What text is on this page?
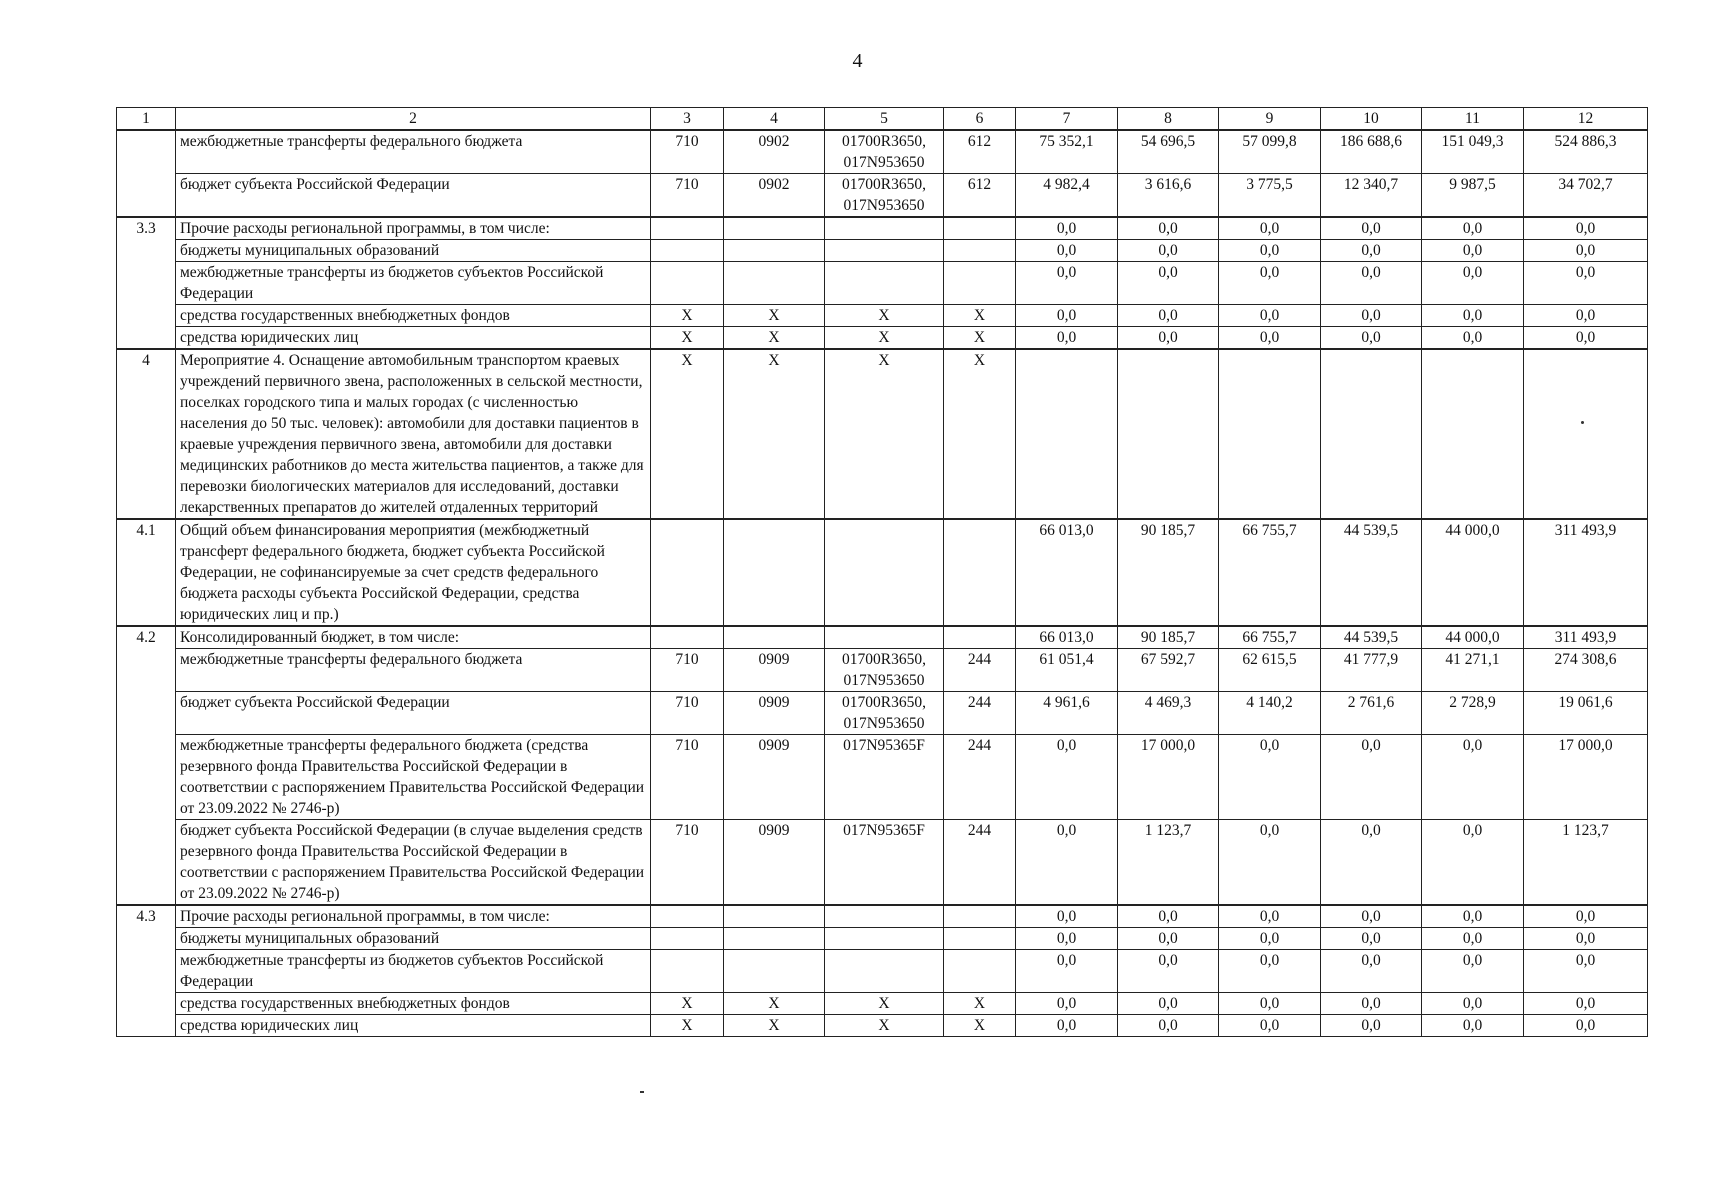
4
1	2	3	4	5	6	7	8	9	10	11	12
	межбюджетные трансферты федерального бюджета	710	0902	01700R3650, 017N953650	612	75 352,1	54 696,5	57 099,8	186 688,6	151 049,3	524 886,3
	бюджет субъекта Российской Федерации	710	0902	01700R3650, 017N953650	612	4 982,4	3 616,6	3 775,5	12 340,7	9 987,5	34 702,7
3.3	Прочие расходы региональной программы, в том числе:					0,0	0,0	0,0	0,0	0,0	0,0
	бюджеты муниципальных образований					0,0	0,0	0,0	0,0	0,0	0,0
	межбюджетные трансферты из бюджетов субъектов Российской Федерации					0,0	0,0	0,0	0,0	0,0	0,0
	средства государственных внебюджетных фондов	X	X	X	X	0,0	0,0	0,0	0,0	0,0	0,0
	средства юридических лиц	X	X	X	X	0,0	0,0	0,0	0,0	0,0	0,0
4	Мероприятие 4. Оснащение автомобильным транспортом краевых учреждений первичного звена, расположенных в сельской местности, поселках городского типа и малых городах (с численностью населения до 50 тыс. человек): автомобили для доставки пациентов в краевые учреждения первичного звена, автомобили для доставки медицинских работников до места жительства пациентов, а также для перевозки биологических материалов для исследований, доставки лекарственных препаратов до жителей отдаленных территорий	X	X	X	X						
4.1	Общий объем финансирования мероприятия (межбюджетный трансферт федерального бюджета, бюджет субъекта Российской Федерации, не софинансируемые за счет средств федерального бюджета расходы субъекта Российской Федерации, средства юридических лиц и пр.)					66 013,0	90 185,7	66 755,7	44 539,5	44 000,0	311 493,9
4.2	Консолидированный бюджет, в том числе:					66 013,0	90 185,7	66 755,7	44 539,5	44 000,0	311 493,9
	межбюджетные трансферты федерального бюджета	710	0909	01700R3650, 017N953650	244	61 051,4	67 592,7	62 615,5	41 777,9	41 271,1	274 308,6
	бюджет субъекта Российской Федерации	710	0909	01700R3650, 017N953650	244	4 961,6	4 469,3	4 140,2	2 761,6	2 728,9	19 061,6
	межбюджетные трансферты федерального бюджета (средства резервного фонда Правительства Российской Федерации в соответствии с распоряжением Правительства Российской Федерации от 23.09.2022 № 2746-р)	710	0909	017N95365F	244	0,0	17 000,0	0,0	0,0	0,0	17 000,0
	бюджет субъекта Российской Федерации (в случае выделения средств резервного фонда Правительства Российской Федерации в соответствии с распоряжением Правительства Российской Федерации от 23.09.2022 № 2746-р)	710	0909	017N95365F	244	0,0	1 123,7	0,0	0,0	0,0	1 123,7
4.3	Прочие расходы региональной программы, в том числе:					0,0	0,0	0,0	0,0	0,0	0,0
	бюджеты муниципальных образований					0,0	0,0	0,0	0,0	0,0	0,0
	межбюджетные трансферты из бюджетов субъектов Российской Федерации					0,0	0,0	0,0	0,0	0,0	0,0
	средства государственных внебюджетных фондов	X	X	X	X	0,0	0,0	0,0	0,0	0,0	0,0
	средства юридических лиц	X	X	X	X	0,0	0,0	0,0	0,0	0,0	0,0
